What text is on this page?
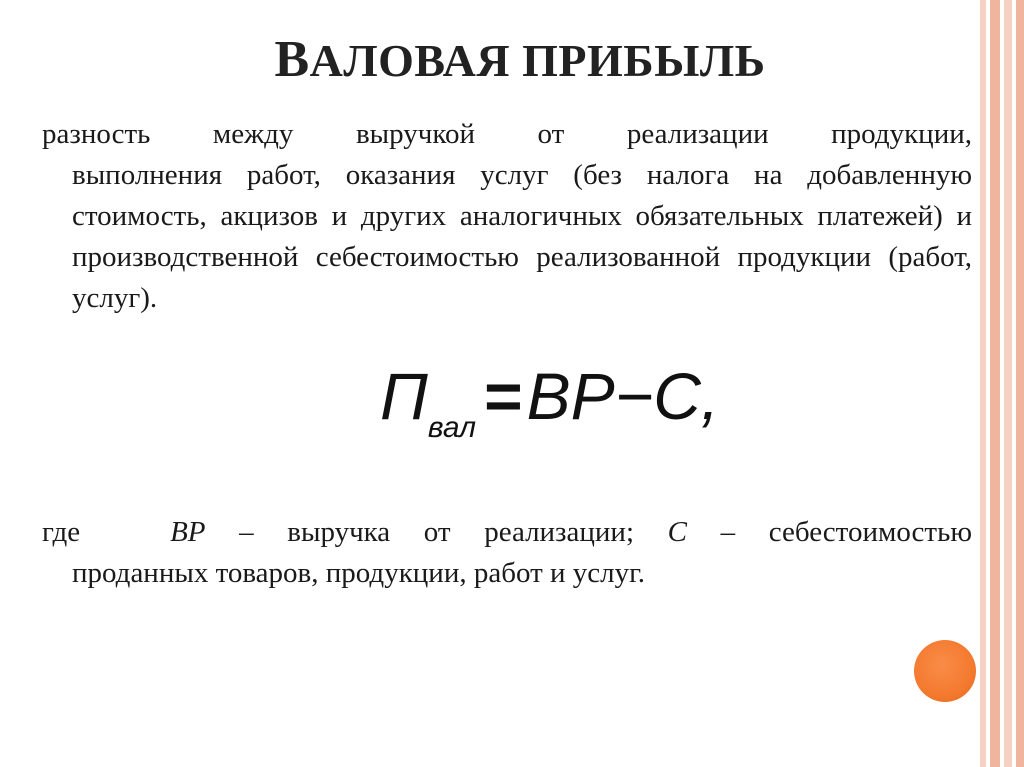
ВАЛОВАЯ ПРИБЫЛЬ
разность между выручкой от реализации продукции,
выполнения работ, оказания услуг (без налога на добавленную стоимость, акцизов и других аналогичных обязательных платежей) и производственной себестоимостью реализованной продукции (работ, услуг).
$П_{вал} =ВР-С$,
где	ВР – выручка от реализации; С – себестоимостью
проданных товаров, продукции, работ и услуг.
